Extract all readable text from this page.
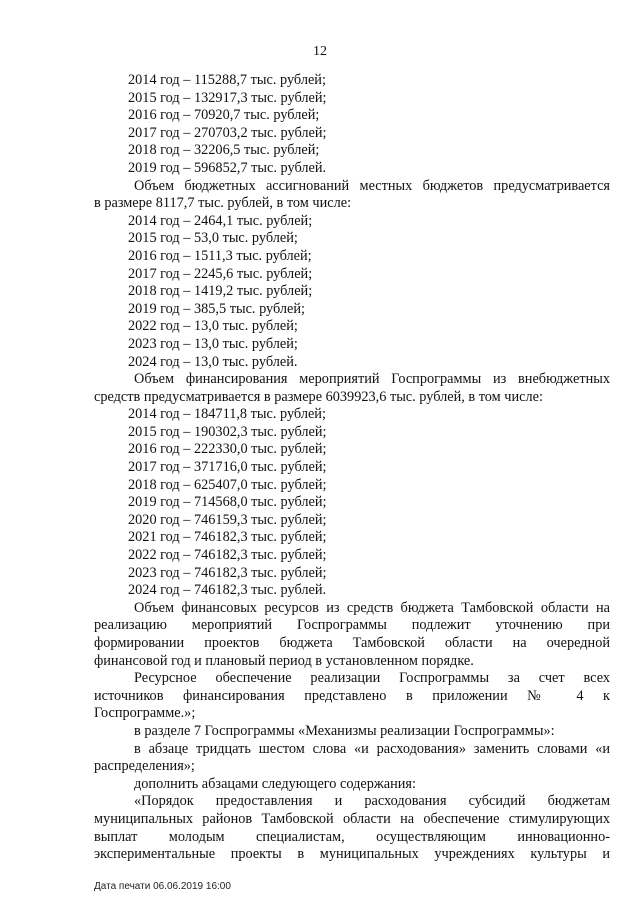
12
2014 год – 115288,7 тыс. рублей;
2015 год – 132917,3 тыс. рублей;
2016 год – 70920,7 тыс. рублей;
2017 год – 270703,2 тыс. рублей;
2018 год – 32206,5 тыс. рублей;
2019 год – 596852,7 тыс. рублей.
Объем бюджетных ассигнований местных бюджетов предусматривается
в размере 8117,7 тыс. рублей, в том числе:
2014 год – 2464,1 тыс. рублей;
2015 год – 53,0 тыс. рублей;
2016 год – 1511,3 тыс. рублей;
2017 год – 2245,6 тыс. рублей;
2018 год – 1419,2 тыс. рублей;
2019 год – 385,5 тыс. рублей;
2022 год – 13,0 тыс. рублей;
2023 год – 13,0 тыс. рублей;
2024 год – 13,0 тыс. рублей.
Объем финансирования мероприятий Госпрограммы из внебюджетных
средств предусматривается в размере 6039923,6 тыс. рублей, в том числе:
2014 год – 184711,8 тыс. рублей;
2015 год – 190302,3 тыс. рублей;
2016 год – 222330,0 тыс. рублей;
2017 год – 371716,0 тыс. рублей;
2018 год – 625407,0 тыс. рублей;
2019 год – 714568,0 тыс. рублей;
2020 год – 746159,3 тыс. рублей;
2021 год – 746182,3 тыс. рублей;
2022 год – 746182,3 тыс. рублей;
2023 год – 746182,3 тыс. рублей;
2024 год – 746182,3 тыс. рублей.
Объем финансовых ресурсов из средств бюджета Тамбовской области на
реализацию мероприятий Госпрограммы подлежит уточнению при
формировании проектов бюджета Тамбовской области на очередной
финансовой год и плановый период в установленном порядке.
Ресурсное обеспечение реализации Госпрограммы за счет всех
источников финансирования представлено в приложении № 4 к
Госпрограмме.»;
в разделе 7 Госпрограммы «Механизмы реализации Госпрограммы»:
в абзаце тридцать шестом слова «и расходования» заменить словами «и
распределения»;
дополнить абзацами следующего содержания:
«Порядок предоставления и расходования субсидий бюджетам
муниципальных районов Тамбовской области на обеспечение стимулирующих
выплат молодым специалистам, осуществляющим инновационно-
экспериментальные проекты в муниципальных учреждениях культуры и
Дата печати 06.06.2019 16:00
